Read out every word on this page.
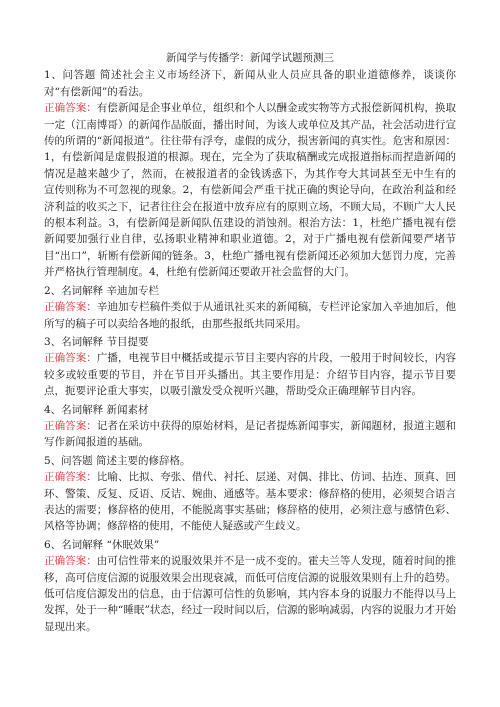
新闻学与传播学：新闻学试题预测三

1、问答题 简述社会主义市场经济下，新闻从业人员应具备的职业道德修养，谈谈你对“有偿新闻”的看法。

正确答案：有偿新闻是企事业单位，组织和个人以酬金或实物等方式报偿新闻机构，换取一定（江南博哥）的新闻作品版面，播出时间，为该人或单位及其产品，社会活动进行宣传的所谓的“新闻报道”。往往带有浮夸，虚假的成分，损害新闻的真实性。危害和原因：1，有偿新闻是虚假报道的根源。现在，完全为了获取稿酬或完成报道指标而捏造新闻的情况是越来越少了，然而，在被报道者的金钱诱惑下，为其作夸大其词甚至无中生有的 宣传则称为不可忽视的现象。2，有偿新闻会严重干扰正确的舆论导向，在政治利益和经济利益的收买之下，记者往往会在报道中放弃应有的原则立场，不顾大局，不顾广大人民的根本利益。3，有偿新闻是新闻队伍建设的消蚀剂。根治方法：1，杜绝广播电视有偿新闻要加强行业自律，弘扬职业精神和职业道德。2，对于广播电视有偿新闻要严堵节目“出口”，斩断有偿新闻的链条。3，杜绝广播电视有偿新闻还必须加大惩罚力度，完善并严格执行管理制度。4，杜绝有偿新闻还要敢开社会监督的大门。

2、名词解释 辛迪加专栏

正确答案：辛迪加专栏稿件类似于从通讯社买来的新闻稿，专栏评论家加入辛迪加后，他所写的稿子可以卖给各地的报纸，由那些报纸共同采用。

3、名词解释 节目提要

正确答案：广播，电视节目中概括或提示节目主要内容的片段，一般用于时间较长，内容较多或较重要的节目，并在节目开头播出。其主要作用是：介绍节目内容，提示节目要点，扼要评论重大事实，以吸引激发受众视听兴趣，帮助受众正确理解节目内容。

4、名词解释 新闻素材

正确答案：记者在采访中获得的原始材料，是记者提炼新闻事实，新闻题材，报道主题和写作新闻报道的基础。

5、问答题 简述主要的修辞格。

正确答案：比喻、比拟、夸张、借代、衬托、层递、对偶、排比、仿词、拈连、顶真、回环、警策、反复、反语、反诘、婉曲、通感等。基本要求：修辞格的使用，必须契合语言表达的需要；修辞格的使用，不能脱离事实基础；修辞格的使用，必须注意与感情色彩、风格等协调；修辞格的使用，不能使人疑惑或产生歧义。

6、名词解释 “休眠效果”

正确答案：由可信性带来的说服效果并不是一成不变的。霍夫兰等人发现，随着时间的推移，高可信度信源的说服效果会出现衰减，而低可信度信源的说服效果则有上升的趋势。低可信度信源发出的信息，由于信源可信性的负影响，其内容本身的说服力不能得以马上发挥，处于一种“睡眠”状态，经过一段时间以后，信源的影响减弱，内容的说服力才开始显现出来。
